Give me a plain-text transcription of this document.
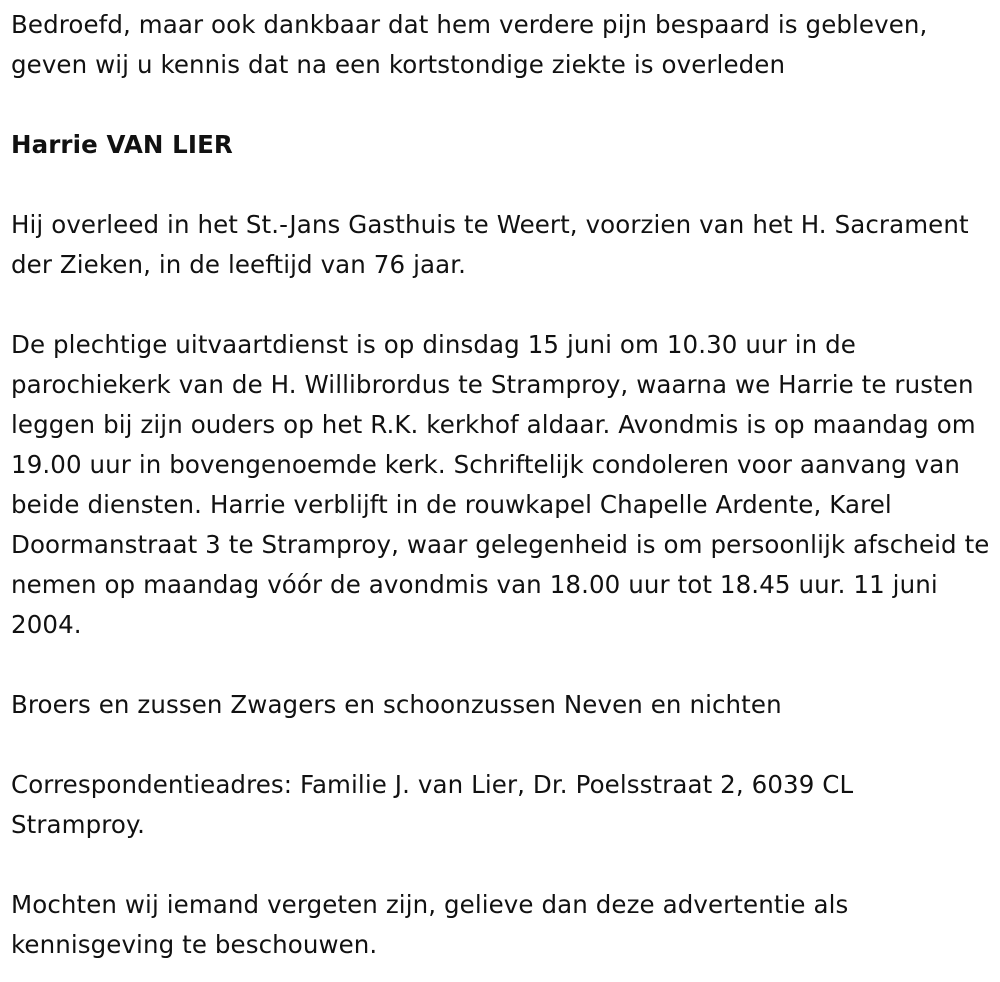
Bedroefd, maar ook dankbaar dat hem verdere pijn bespaard is gebleven, geven wij u kennis dat na een kortstondige ziekte is overleden

Harrie VAN LIER

Hij overleed in het St.-Jans Gasthuis te Weert, voorzien van het H. Sacrament der Zieken, in de leeftijd van 76 jaar.

De plechtige uitvaartdienst is op dinsdag 15 juni om 10.30 uur in de parochiekerk van de H. Willibrordus te Stramproy, waarna we Harrie te rusten leggen bij zijn ouders op het R.K. kerkhof aldaar. Avondmis is op maandag om 19.00 uur in bovengenoemde kerk. Schriftelijk condoleren voor aanvang van beide diensten. Harrie verblijft in de rouwkapel Chapelle Ardente, Karel Doormanstraat 3 te Stramproy, waar gelegenheid is om persoonlijk afscheid te nemen op maandag vóór de avondmis van 18.00 uur tot 18.45 uur. 11 juni 2004.

Broers en zussen Zwagers en schoonzussen Neven en nichten

Correspondentieadres: Familie J. van Lier, Dr. Poelsstraat 2, 6039 CL Stramproy.

Mochten wij iemand vergeten zijn, gelieve dan deze advertentie als kennisgeving te beschouwen.
